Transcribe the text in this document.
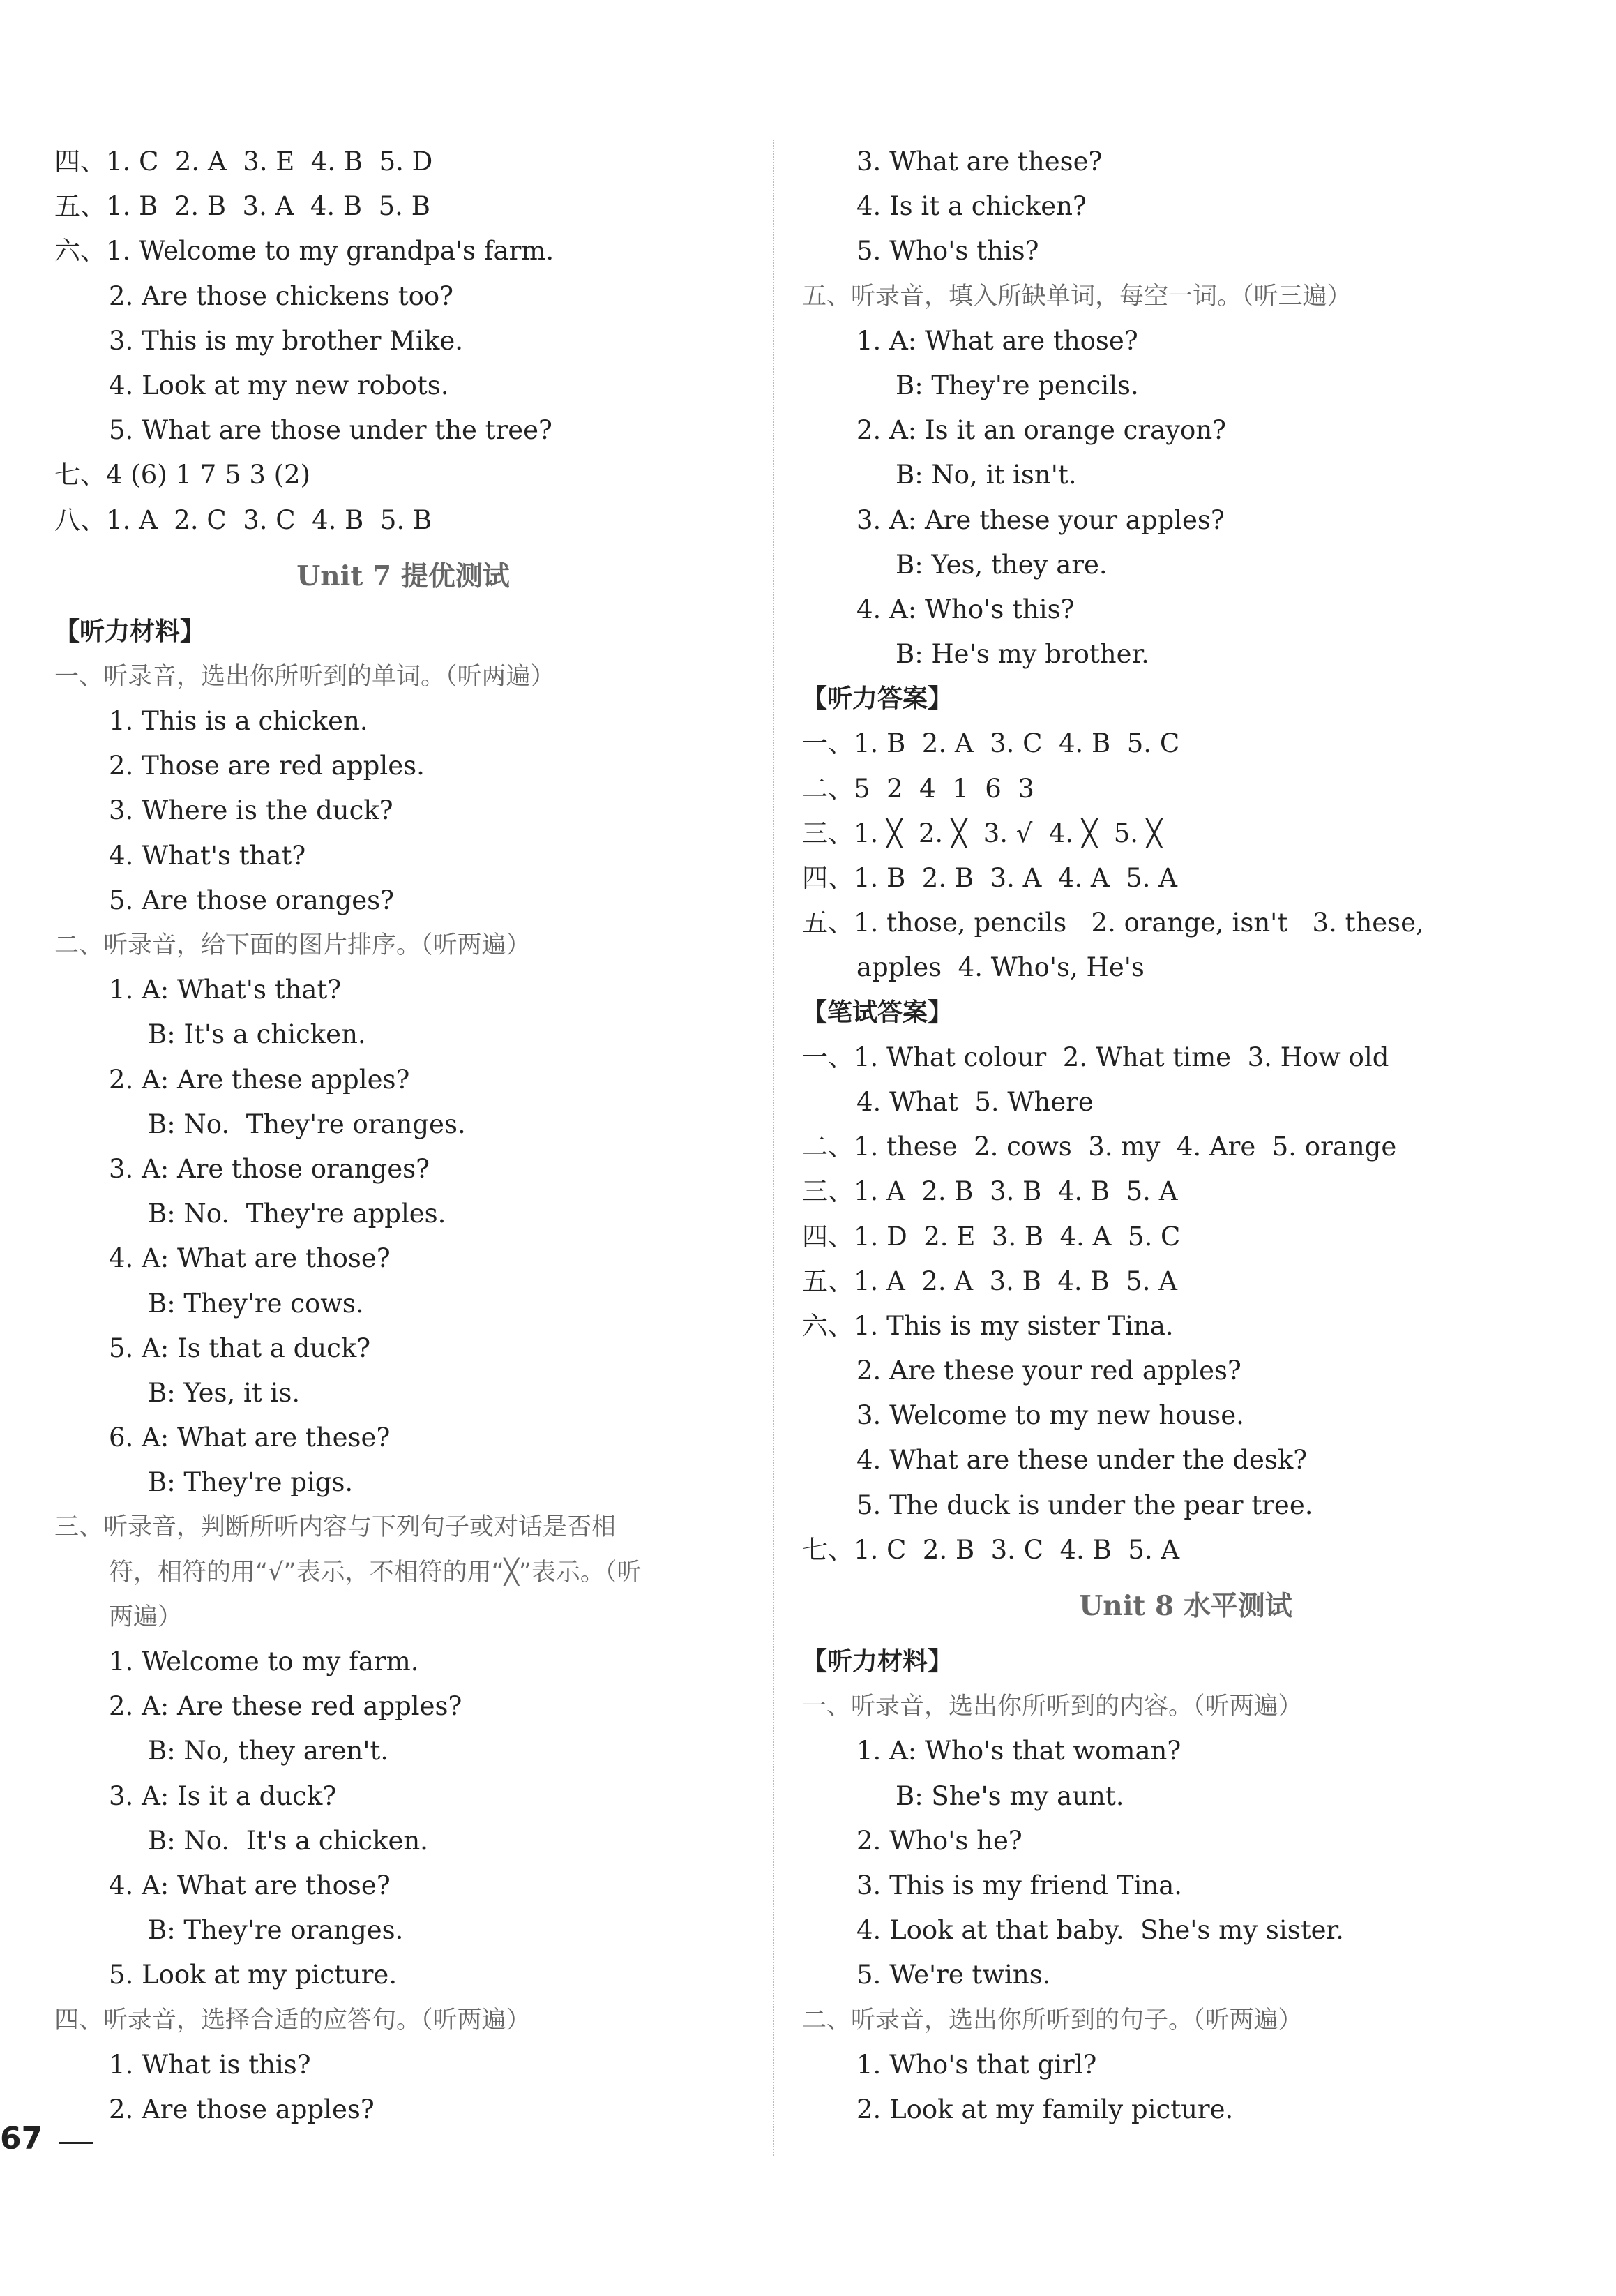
四、1. C  2. A  3. E  4. B  5. D
五、1. B  2. B  3. A  4. B  5. B
六、1. Welcome to my grandpa's farm.
2. Are those chickens too?
3. This is my brother Mike.
4. Look at my new robots.
5. What are those under the tree?
七、4 (6) 1 7 5 3 (2)
八、1. A  2. C  3. C  4. B  5. B
Unit 7 提优测试
【听力材料】
一、听录音，选出你所听到的单词。（听两遍）
1. This is a chicken.
2. Those are red apples.
3. Where is the duck?
4. What's that?
5. Are those oranges?
二、听录音，给下面的图片排序。（听两遍）
1. A: What's that?
B: It's a chicken.
2. A: Are these apples?
B: No.  They're oranges.
3. A: Are those oranges?
B: No.  They're apples.
4. A: What are those?
B: They're cows.
5. A: Is that a duck?
B: Yes, it is.
6. A: What are these?
B: They're pigs.
三、听录音，判断所听内容与下列句子或对话是否相
符，相符的用“√”表示，不相符的用“╳”表示。（听
两遍）
1. Welcome to my farm.
2. A: Are these red apples?
B: No, they aren't.
3. A: Is it a duck?
B: No.  It's a chicken.
4. A: What are those?
B: They're oranges.
5. Look at my picture.
四、听录音，选择合适的应答句。（听两遍）
1. What is this?
2. Are those apples?
3. What are these?
4. Is it a chicken?
5. Who's this?
五、听录音，填入所缺单词，每空一词。（听三遍）
1. A: What are those?
B: They're pencils.
2. A: Is it an orange crayon?
B: No, it isn't.
3. A: Are these your apples?
B: Yes, they are.
4. A: Who's this?
B: He's my brother.
【听力答案】
一、1. B  2. A  3. C  4. B  5. C
二、5  2  4  1  6  3
三、1. ╳  2. ╳  3. √  4. ╳  5. ╳
四、1. B  2. B  3. A  4. A  5. A
五、1. those, pencils   2. orange, isn't   3. these,
apples  4. Who's, He's
【笔试答案】
一、1. What colour  2. What time  3. How old
4. What  5. Where
二、1. these  2. cows  3. my  4. Are  5. orange
三、1. A  2. B  3. B  4. B  5. A
四、1. D  2. E  3. B  4. A  5. C
五、1. A  2. A  3. B  4. B  5. A
六、1. This is my sister Tina.
2. Are these your red apples?
3. Welcome to my new house.
4. What are these under the desk?
5. The duck is under the pear tree.
七、1. C  2. B  3. C  4. B  5. A
Unit 8 水平测试
【听力材料】
一、听录音，选出你所听到的内容。（听两遍）
1. A: Who's that woman?
B: She's my aunt.
2. Who's he?
3. This is my friend Tina.
4. Look at that baby.  She's my sister.
5. We're twins.
二、听录音，选出你所听到的句子。（听两遍）
1. Who's that girl?
2. Look at my family picture.
67
